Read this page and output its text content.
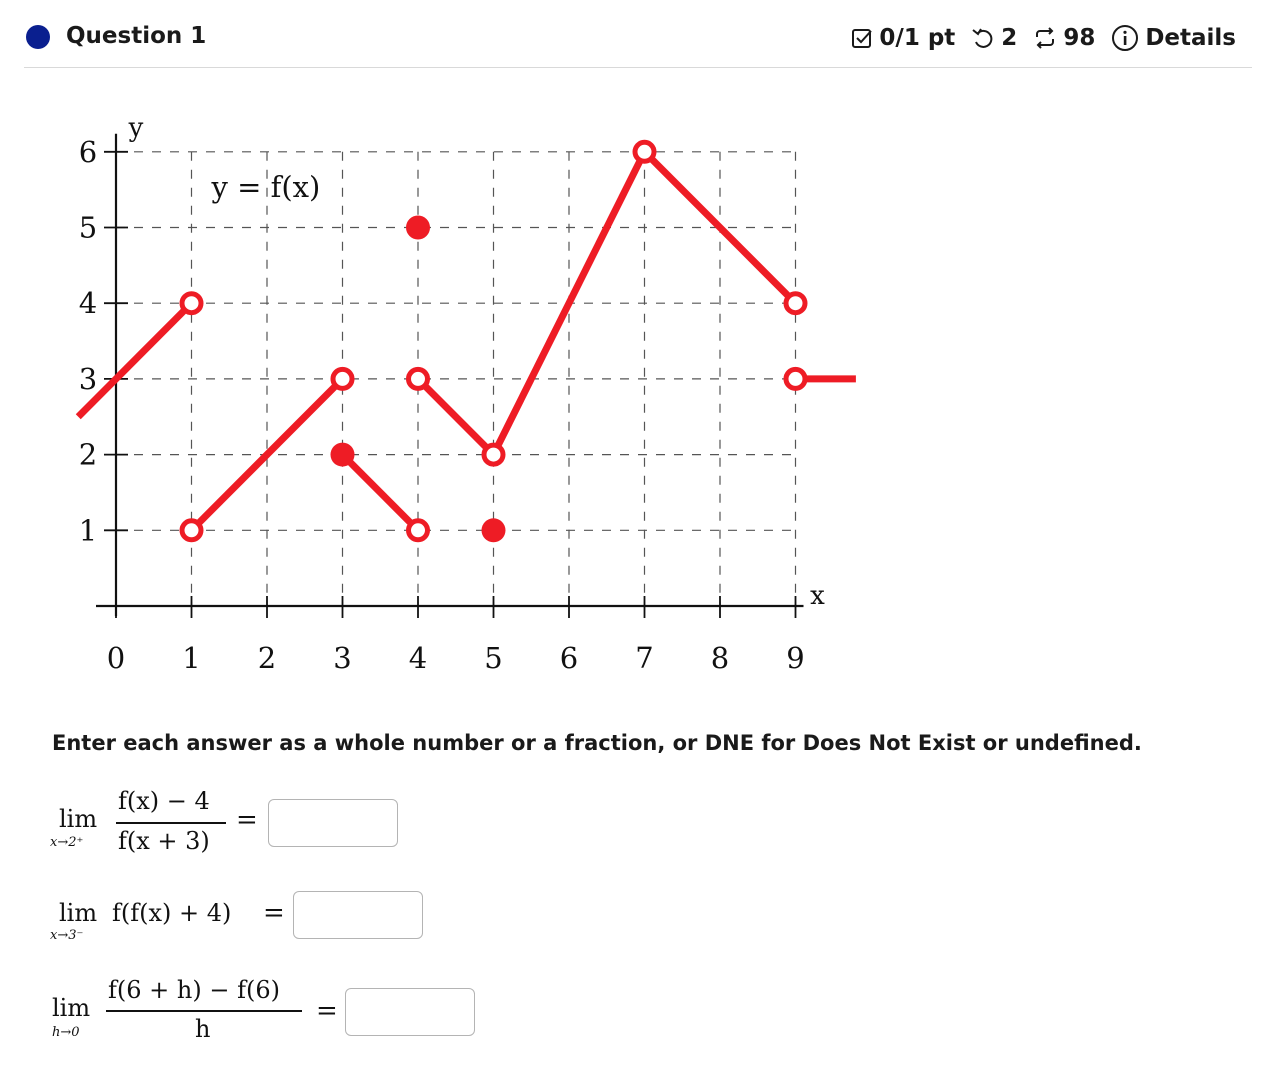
Question 1	0/1 pt 2 98 Details
0 1 2 3 4 5 6 7 8 9
1
2
3
4
5
6
x
y
y = f(x)
Enter each answer as a whole number or a fraction, or DNE for Does Not Exist or undefined.
lim
x→2⁺
f(x) − 4
f(x + 3)
=
lim
x→3⁻
f(f(x) + 4) =
lim
h→0
f(6 + h) − f(6)
h
=
